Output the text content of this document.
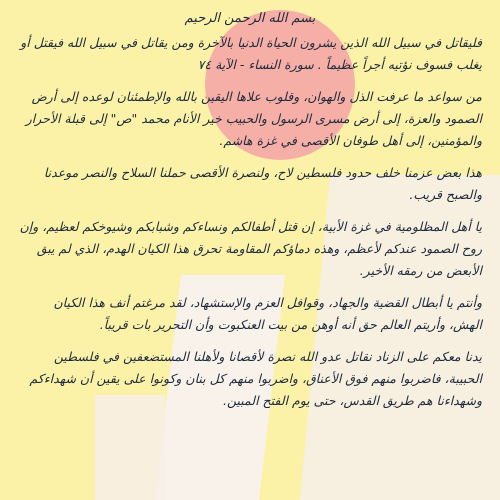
بسم الله الرحمن الرحيم

فليقاتل في سبيل الله الذين يشرون الحياة الدنيا بالآخرة ومن يقاتل في سبيل الله فيقتل أو يغلب فسوف نؤتيه أجراً عظيماً . سورة النساء - الآية ٧٤

من سواعد ما عرفت الذل والهوان، وقلوب علاها اليقين بالله والإطمئنان لوعده إلى أرض الصمود والعزة، إلى أرض مسرى الرسول والحبيب خير الأنام محمد "ص" إلى قبلة الأحرار والمؤمنين، إلى أهل طوفان الأقصى في غزة هاشم.

هذا بعض عزمنا خلف حدود فلسطين لاح، ولنصرة الأقصى حملنا السلاح والنصر موعدنا والصبح قريب.

يا أهل المظلومية في غزة الأبية، إن قتل أطفالكم ونساءكم وشبابكم وشيوخكم لعظيم، وإن روح الصمود عندكم لأعظم، وهذه دماؤكم المقاومة تحرق هذا الكيان الهدم، الذي لم يبق الأبعض من رمقه الأخير.

وأنتم يا أبطال القضية والجهاد، وقوافل العزم والإستشهاد، لقد مرغتم أنف هذا الكيان الهش، وأريتم العالم حق أنه أوهن من بيت العنكبوت وأن التحرير بات قريباً.

يدنا معكم على الزناد نقاتل عدو الله نصرة لأقصانا ولأهلنا المستضعفين في فلسطين الحبيبة، فاضربوا منهم فوق الأعناق، واضربوا منهم كل بنان وكونوا على يقين أن شهداءكم وشهداءنا هم طريق القدس، حتى يوم الفتح المبين.
